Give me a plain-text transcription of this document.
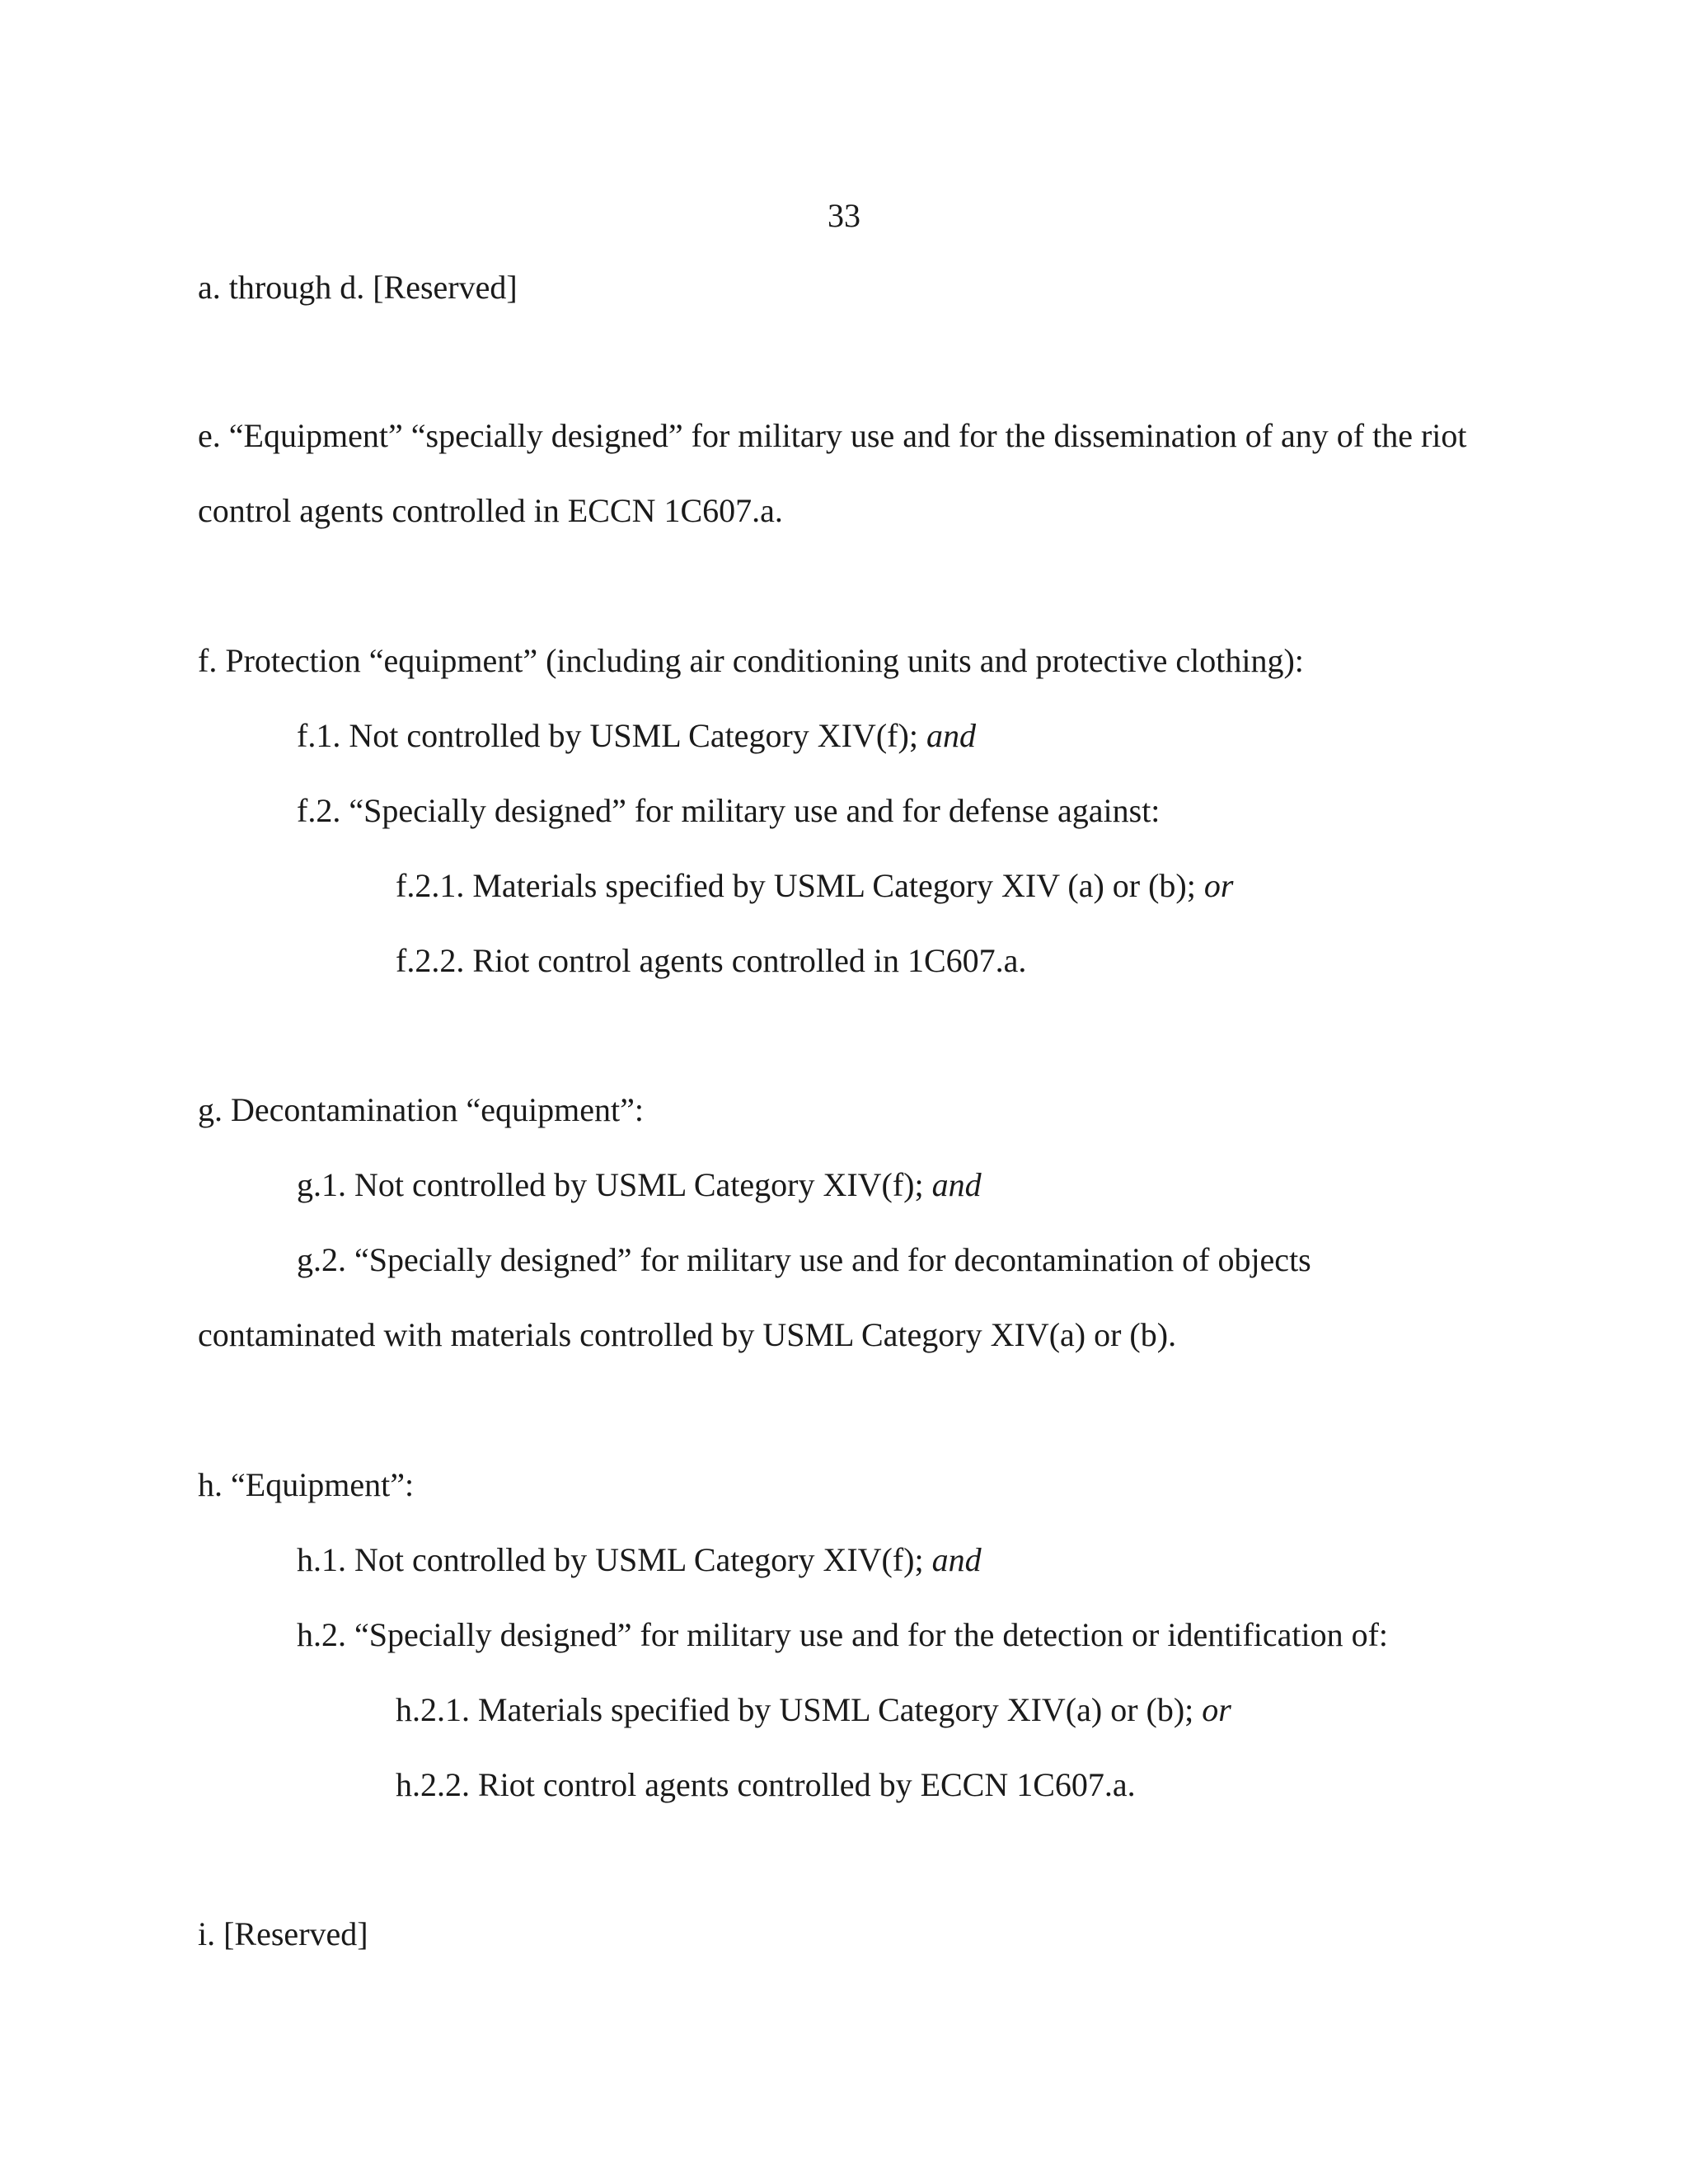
33
a. through d. [Reserved]
e. “Equipment” “specially designed” for military use and for the dissemination of any of the riot
control agents controlled in ECCN 1C607.a.
f. Protection “equipment” (including air conditioning units and protective clothing):
f.1. Not controlled by USML Category XIV(f); and
f.2. “Specially designed” for military use and for defense against:
f.2.1. Materials specified by USML Category XIV (a) or (b); or
f.2.2. Riot control agents controlled in 1C607.a.
g. Decontamination “equipment”:
g.1. Not controlled by USML Category XIV(f); and
g.2. “Specially designed” for military use and for decontamination of objects
contaminated with materials controlled by USML Category XIV(a) or (b).
h. “Equipment”:
h.1. Not controlled by USML Category XIV(f); and
h.2. “Specially designed” for military use and for the detection or identification of:
h.2.1. Materials specified by USML Category XIV(a) or (b); or
h.2.2. Riot control agents controlled by ECCN 1C607.a.
i. [Reserved]
